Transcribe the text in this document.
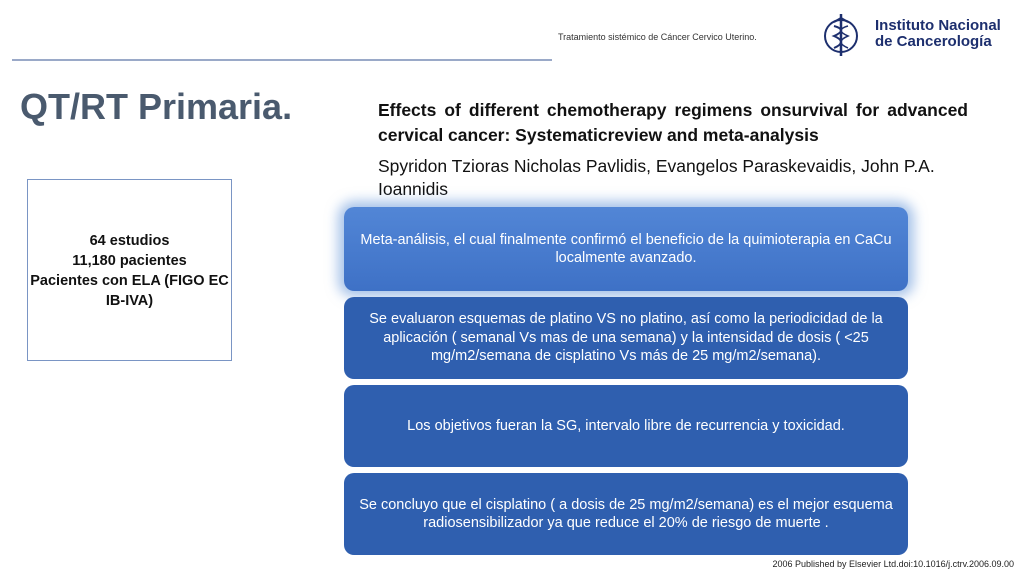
Tratamiento sistémico de Cáncer Cervico Uterino.
Instituto Nacional
de Cancerología
QT/RT Primaria.	Effects of different chemotherapy regimens onsurvival for advanced cervical cancer: Systematicreview and meta-analysis
Spyridon Tzioras Nicholas Pavlidis, Evangelos Paraskevaidis, John P.A. Ioannidis
64 estudios
11,180 pacientes
Pacientes con ELA (FIGO EC IB-IVA)
Meta-análisis, el cual finalmente confirmó el beneficio de la quimioterapia en CaCu localmente avanzado.
Se evaluaron esquemas de platino VS no platino, así como la periodicidad de la aplicación ( semanal Vs mas de una semana) y la intensidad de dosis ( <25 mg/m2/semana de cisplatino Vs más de 25 mg/m2/semana).
Los objetivos fueran la SG, intervalo libre de recurrencia y toxicidad.
Se concluyo que el cisplatino ( a dosis de 25 mg/m2/semana) es el mejor esquema radiosensibilizador ya que reduce el 20% de riesgo de muerte .
2006 Published by Elsevier Ltd.doi:10.1016/j.ctrv.2006.09.00
